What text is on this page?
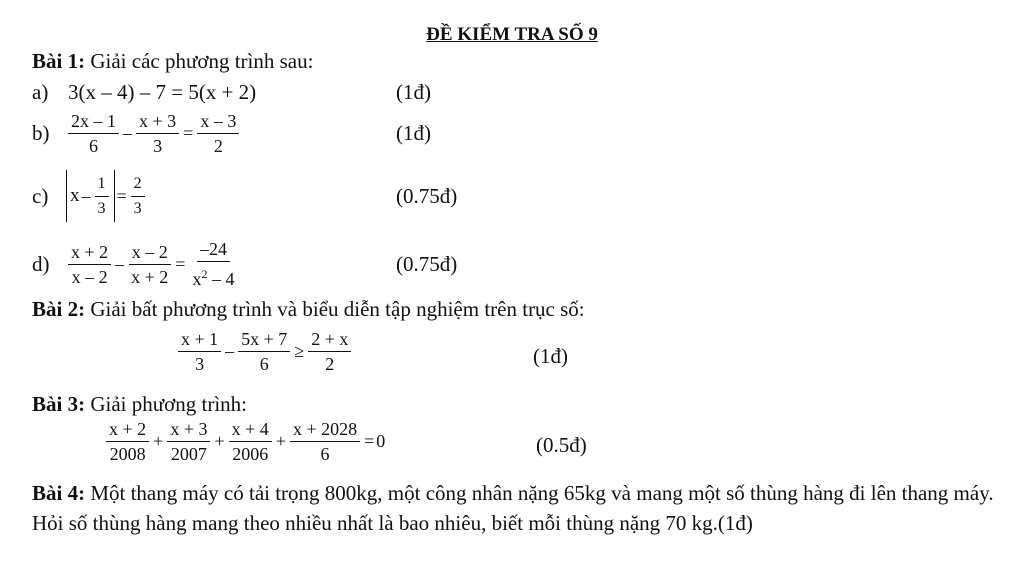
ĐỀ KIỂM TRA SỐ 9
Bài 1: Giải các phương trình sau:
a) 3(x – 4) – 7 = 5(x + 2)	(1đ)
$b) \frac{2x - 1}{6} - \frac{x + 3}{3} = \frac{x - 3}{2}$	(1đ)
c) $x - \frac{1}{3} = \frac{2}{3}$	(0.75đ)
$d) \frac{x + 2}{x - 2} - \frac{x - 2}{x + 2} = \frac{-24}{x^2 - 4}$	(0.75đ)
Bài 2: Giải bất phương trình và biểu diễn tập nghiệm trên trục số:
$\frac{x + 1}{3} - \frac{5x + 7}{6} \ge \frac{2 + x}{2}$	(1đ)
Bài 3: Giải phương trình:
$\frac{x + 2}{2008} + \frac{x + 3}{2007} + \frac{x + 4}{2006} + \frac{x + 2028}{6} = 0$	(0.5đ)
Bài 4: Một thang máy có tải trọng 800kg, một công nhân nặng 65kg và mang một số thùng hàng đi lên thang máy. Hỏi số thùng hàng mang theo nhiều nhất là bao nhiêu, biết mỗi thùng nặng 70 kg.(1đ)
